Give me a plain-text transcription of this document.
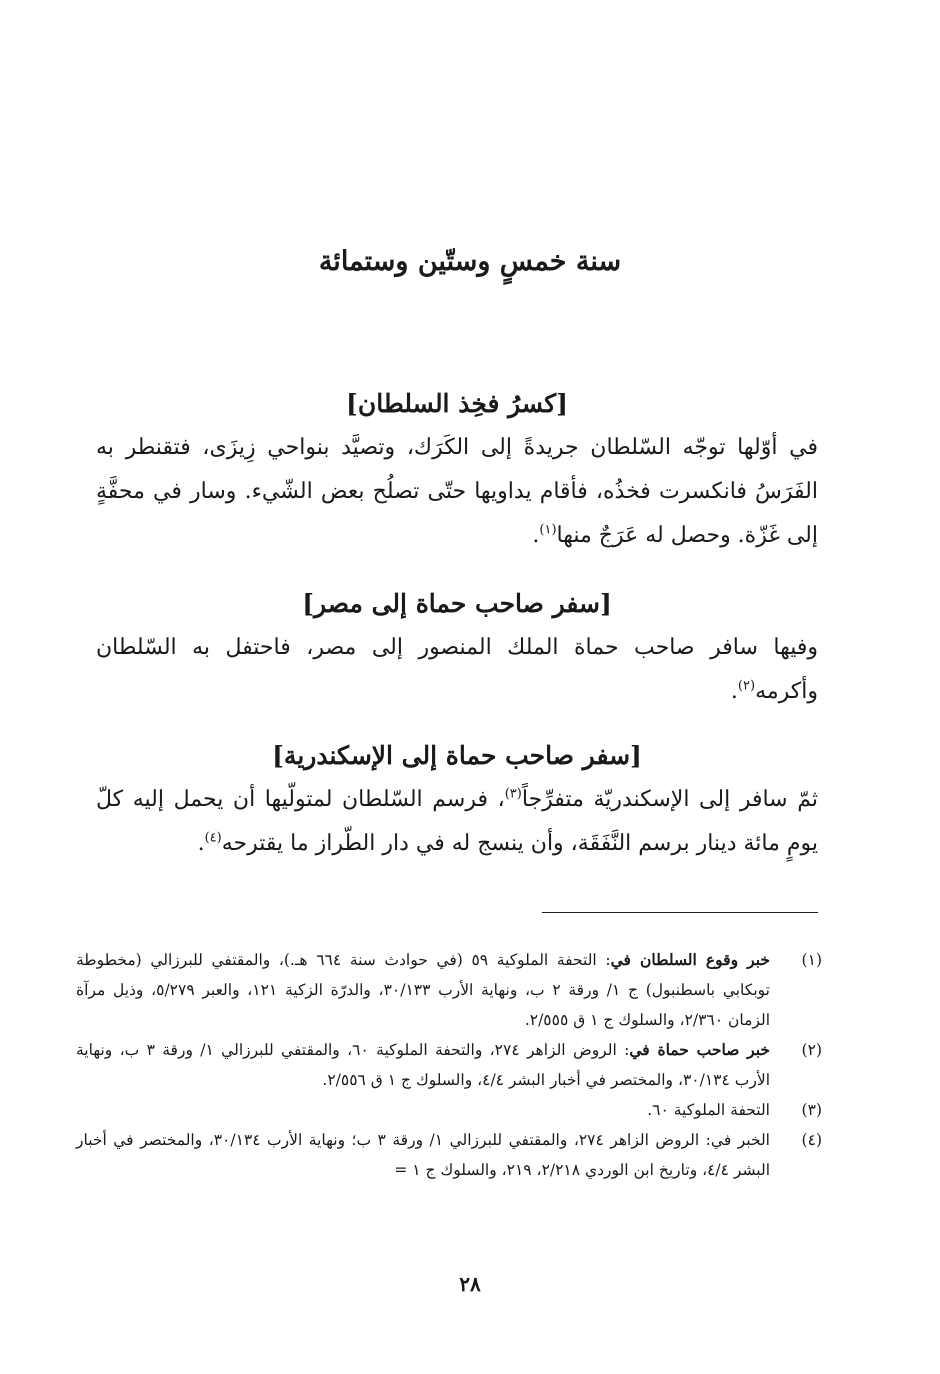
سنة خمسٍ وستّين وستمائة
[كسرُ فخِذ السلطان]

في أوّلها توجّه السّلطان جريدةً إلى الكَرَك، وتصيَّد بنواحي زِيزَى، فتقنطر به الفَرَسُ فانكسرت فخذُه، فأقام يداويها حتّى تصلُح بعض الشّيء. وسار في محفَّةٍ إلى غَزّة. وحصل له عَرَجٌ منها$^{(١)}$.

[سفر صاحب حماة إلى مصر]

وفيها سافر صاحب حماة الملك المنصور إلى مصر، فاحتفل به السّلطان وأكرمه$^{(٢)}$.

[سفر صاحب حماة إلى الإسكندرية]

ثمّ سافر إلى الإسكندريّة متفرِّجاً$^{(٣)}$، فرسم السّلطان لمتولّيها أن يحمل إليه كلّ يومٍ مائة دينار برسم النَّفَقَة، وأن ينسج له في دار الطّراز ما يقترحه$^{(٤)}$.

(١)
خبر وقوع السلطان في: التحفة الملوكية ٥٩ (في حوادث سنة ٦٦٤ هـ.)، والمقتفي للبرزالي (مخطوطة توبكابي باسطنبول) ج ١/ ورقة ٢ ب، ونهاية الأرب ٣٠/١٣٣، والدرّة الزكية ١٢١، والعبر ٥/٢٧٩، وذيل مرآة الزمان ٢/٣٦٠، والسلوك ج ١ ق ٢/٥٥٥.
(٢)
خبر صاحب حماة في: الروض الزاهر ٢٧٤، والتحفة الملوكية ٦٠، والمقتفي للبرزالي ١/ ورقة ٣ ب، ونهاية الأرب ٣٠/١٣٤، والمختصر في أخبار البشر ٤/٤، والسلوك ج ١ ق ٢/٥٥٦.
(٣)
التحفة الملوكية ٦٠.
(٤)
الخبر في: الروض الزاهر ٢٧٤، والمقتفي للبرزالي ١/ ورقة ٣ ب؛ ونهاية الأرب ٣٠/١٣٤، والمختصر في أخبار البشر ٤/٤، وتاريخ ابن الوردي ٢/٢١٨، ٢١٩، والسلوك ج ١ =
٢٨
